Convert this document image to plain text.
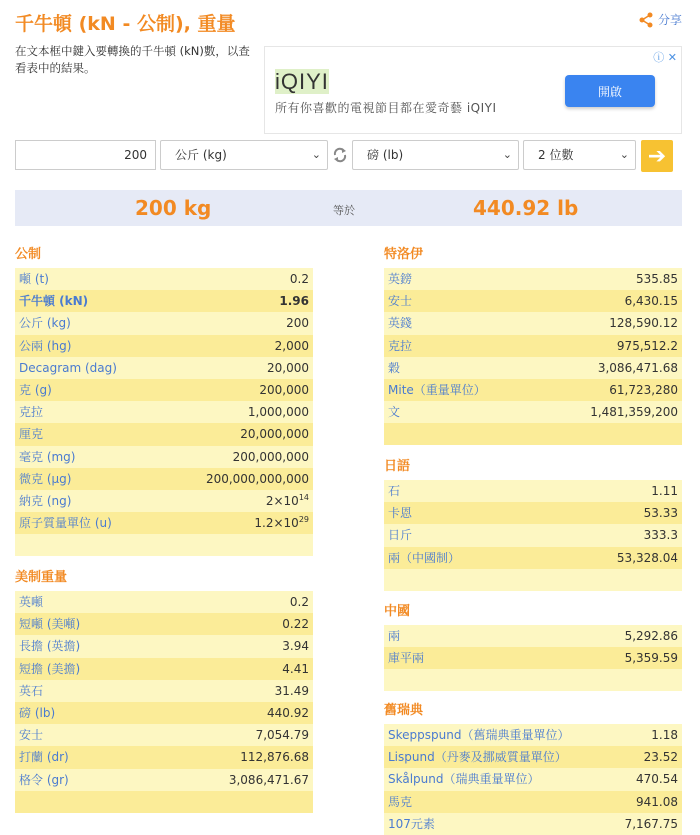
千牛頓 (kN - 公制), 重量	分享
在文本框中鍵入要轉換的千牛頓 (kN)數，以查看表中的結果。
ⓘ ✕
iQIYI
所有你喜歡的電視節目都在愛奇藝 iQIYI
開啟
200	公斤 (kg)	⌄	磅 (lb)	⌄	2 位數	⌄ ➔
200 kg	等於	440.92 lb
公制
噸 (t)	0.2
千牛頓 (kN)	1.96
公斤 (kg)	200
公兩 (hg)	2,000
Decagram (dag)	20,000
克 (g)	200,000
克拉	1,000,000
厘克	20,000,000
毫克 (mg)	200,000,000
微克 (µg)	200,000,000,000
納克 (ng)	$2\times 10^{14}$
原子質量單位 (u)	$1.2\times 10^{29}$
美制重量
英噸	0.2
短噸 (美噸)	0.22
長擔 (英擔)	3.94
短擔 (美擔)	4.41
英石	31.49
磅 (lb)	440.92
安士	7,054.79
打蘭 (dr)	112,876.68
格令 (gr)	3,086,471.67
特洛伊
英鎊	535.85
安士	6,430.15
英錢	128,590.12
克拉	975,512.2
穀	3,086,471.68
Mite（重量單位）	61,723,280
文	1,481,359,200
日語
石	1.11
卡恩	53.33
日斤	333.3
兩（中國制）	53,328.04
中國
兩	5,292.86
庫平兩	5,359.59
舊瑞典
Skeppspund（舊瑞典重量單位）	1.18
Lispund（丹麥及挪威質量單位）	23.52
Skålpund（瑞典重量單位）	470.54
馬克	941.08
107元素	7,167.75
